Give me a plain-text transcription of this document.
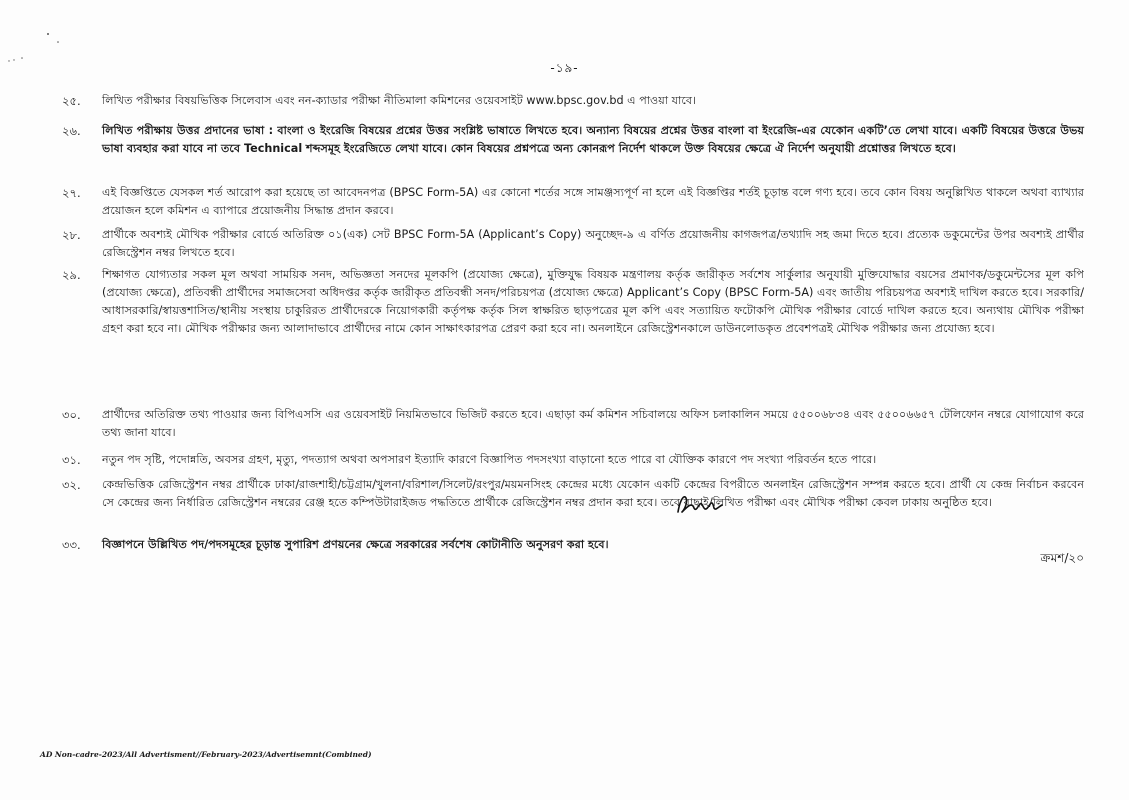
-১৯-
২৫.	লিখিত পরীক্ষার বিষয়ভিত্তিক সিলেবাস এবং নন-ক্যাডার পরীক্ষা নীতিমালা কমিশনের ওয়েবসাইট www.bpsc.gov.bd এ পাওয়া যাবে।
২৬.	লিখিত পরীক্ষায় উত্তর প্রদানের ভাষা : বাংলা ও ইংরেজি বিষয়ের প্রশ্নের উত্তর সংশ্লিষ্ট ভাষাতে লিখতে হবে। অন্যান্য বিষয়ের প্রশ্নের উত্তর বাংলা বা ইংরেজি-এর যেকোন একটি’তে লেখা যাবে। একটি বিষয়ের উত্তরে উভয় ভাষা ব্যবহার করা যাবে না তবে Technical শব্দসমূহ ইংরেজিতে লেখা যাবে। কোন বিষয়ের প্রশ্নপত্রে অন্য কোনরূপ নির্দেশ থাকলে উক্ত বিষয়ের ক্ষেত্রে ঐ নির্দেশ অনুযায়ী প্রশ্নোত্তর লিখতে হবে।
২৭.	এই বিজ্ঞপ্তিতে যেসকল শর্ত আরোপ করা হয়েছে তা আবেদনপত্র (BPSC Form-5A) এর কোনো শর্তের সঙ্গে সামঞ্জস্যপূর্ণ না হলে এই বিজ্ঞপ্তির শর্তই চূড়ান্ত বলে গণ্য হবে। তবে কোন বিষয় অনুল্লিখিত থাকলে অথবা ব্যাখ্যার প্রয়োজন হলে কমিশন এ ব্যাপারে প্রয়োজনীয় সিদ্ধান্ত প্রদান করবে।
২৮.	প্রার্থীকে অবশ্যই মৌখিক পরীক্ষার বোর্ডে অতিরিক্ত ০১(এক) সেট BPSC Form-5A (Applicant’s Copy) অনুচ্ছেদ-৯ এ বর্ণিত প্রয়োজনীয় কাগজপত্র/তথ্যাদি সহ জমা দিতে হবে। প্রত্যেক ডকুমেন্টের উপর অবশ্যই প্রার্থীর রেজিস্ট্রেশন নম্বর লিখতে হবে।
২৯.	শিক্ষাগত যোগ্যতার সকল মূল অথবা সাময়িক সনদ, অভিজ্ঞতা সনদের মূলকপি (প্রযোজ্য ক্ষেত্রে), মুক্তিযুদ্ধ বিষয়ক মন্ত্রণালয় কর্তৃক জারীকৃত সর্বশেষ সার্কুলার অনুযায়ী মুক্তিযোদ্ধার বয়সের প্রমাণক/ডকুমেন্টসের মূল কপি (প্রযোজ্য ক্ষেত্রে), প্রতিবন্ধী প্রার্থীদের সমাজসেবা অধিদপ্তর কর্তৃক জারীকৃত প্রতিবন্ধী সনদ/পরিচয়পত্র (প্রযোজ্য ক্ষেত্রে) Applicant’s Copy (BPSC Form-5A) এবং জাতীয় পরিচয়পত্র অবশ্যই দাখিল করতে হবে। সরকারি/ আধাসরকারি/স্বায়ত্তশাসিত/স্থানীয় সংস্থায় চাকুরিরত প্রার্থীদেরকে নিয়োগকারী কর্তৃপক্ষ কর্তৃক সিল স্বাক্ষরিত ছাড়পত্রের মূল কপি এবং সত্যায়িত ফটোকপি মৌখিক পরীক্ষার বোর্ডে দাখিল করতে হবে। অন্যথায় মৌখিক পরীক্ষা গ্রহণ করা হবে না। মৌখিক পরীক্ষার জন্য আলাদাভাবে প্রার্থীদের নামে কোন সাক্ষাৎকারপত্র প্রেরণ করা হবে না। অনলাইনে রেজিস্ট্রেশনকালে ডাউনলোডকৃত প্রবেশপত্রই মৌখিক পরীক্ষার জন্য প্রযোজ্য হবে।
৩০.	প্রার্থীদের অতিরিক্ত তথ্য পাওয়ার জন্য বিপিএসসি এর ওয়েবসাইট নিয়মিতভাবে ভিজিট করতে হবে। এছাড়া কর্ম কমিশন সচিবালয়ে অফিস চলাকালিন সময়ে ৫৫০০৬৮৩৪ এবং ৫৫০০৬৬৫৭ টেলিফোন নম্বরে যোগাযোগ করে তথ্য জানা যাবে।
৩১.	নতুন পদ সৃষ্টি, পদোন্নতি, অবসর গ্রহণ, মৃত্যু, পদত্যাগ অথবা অপসারণ ইত্যাদি কারণে বিজ্ঞাপিত পদসংখ্যা বাড়ানো হতে পারে বা যৌক্তিক কারণে পদ সংখ্যা পরিবর্তন হতে পারে।
৩২.	কেন্দ্রভিত্তিক রেজিস্ট্রেশন নম্বর প্রার্থীকে ঢাকা/রাজশাহী/চট্টগ্রাম/খুলনা/বরিশাল/সিলেট/রংপুর/ময়মনসিংহ কেন্দ্রের মধ্যে যেকোন একটি কেন্দ্রের বিপরীতে অনলাইন রেজিস্ট্রেশন সম্পন্ন করতে হবে। প্রার্থী যে কেন্দ্র নির্বাচন করবেন সে কেন্দ্রের জন্য নির্ধারিত রেজিস্ট্রেশন নম্বরের রেঞ্জ হতে কম্পিউটারাইজড পদ্ধতিতে প্রার্থীকে রেজিস্ট্রেশন নম্বর প্রদান করা হবে। তবে বাছাই/লিখিত পরীক্ষা এবং মৌখিক পরীক্ষা কেবল ঢাকায় অনুষ্ঠিত হবে।
৩৩.	বিজ্ঞাপনে উল্লিখিত পদ/পদসমূহের চূড়ান্ত সুপারিশ প্রণয়নের ক্ষেত্রে সরকারের সর্বশেষ কোটানীতি অনুসরণ করা হবে।
ক্রমশ/২০
AD Non-cadre-2023/All Advertisment//February-2023/Advertisemnt(Combined)
